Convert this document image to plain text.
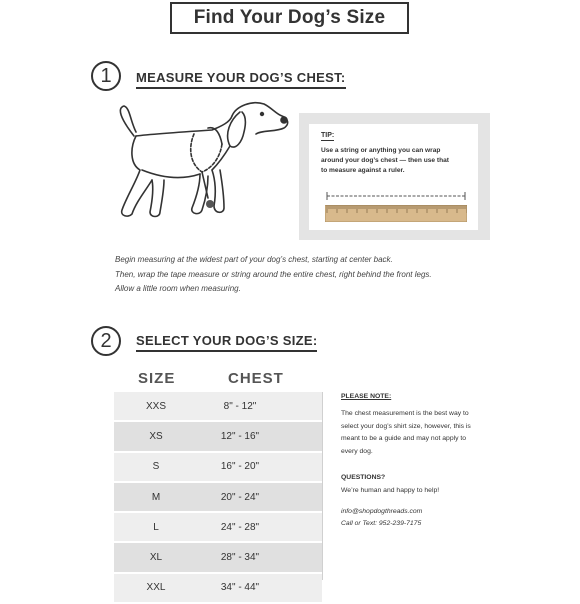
Find Your Dog’s Size
1	MEASURE YOUR DOG’S CHEST:
TIP:
Use a string or anything you can wrap
around your dog’s chest — then use that
to measure against a ruler.
Begin measuring at the widest part of your dog’s chest, starting at center back.
Then, wrap the tape measure or string around the entire chest, right behind the front legs.
Allow a little room when measuring.
2	SELECT YOUR DOG’S SIZE:
SIZE	CHEST
XXS	8" - 12"
XS	12" - 16"
S	16" - 20"
M	20" - 24"
L	24" - 28"
XL	28" - 34"
XXL	34" - 44"
PLEASE NOTE:
The chest measurement is the best way to
select your dog’s shirt size, however, this is
meant to be a guide and may not apply to
every dog.
QUESTIONS?
We’re human and happy to help!
info@shopdogthreads.com
Call or Text: 952-239-7175
